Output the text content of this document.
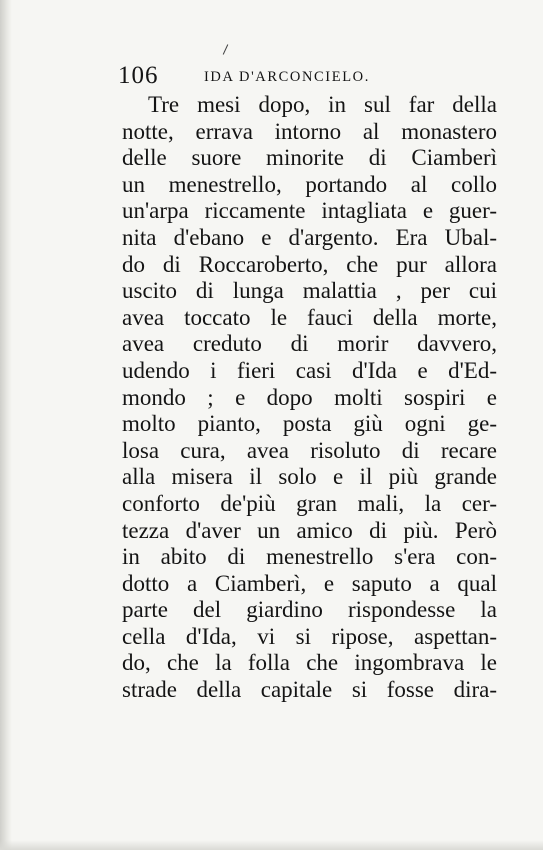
106	IDA D'ARCONCIELO.
Tre mesi dopo, in sul far della
notte, errava intorno al monastero
delle suore minorite di Ciamberì
un menestrello, portando al collo
un'arpa riccamente intagliata e guer-
nita d'ebano e d'argento. Era Ubal-
do di Roccaroberto, che pur allora
uscito di lunga malattia , per cui
avea toccato le fauci della morte,
avea creduto di morir davvero,
udendo i fieri casi d'Ida e d'Ed-
mondo ; e dopo molti sospiri e
molto pianto, posta giù ogni ge-
losa cura, avea risoluto di recare
alla misera il solo e il più grande
conforto de'più gran mali, la cer-
tezza d'aver un amico di più. Però
in abito di menestrello s'era con-
dotto a Ciamberì, e saputo a qual
parte del giardino rispondesse la
cella d'Ida, vi si ripose, aspettan-
do, che la folla che ingombrava le
strade della capitale si fosse dira-
